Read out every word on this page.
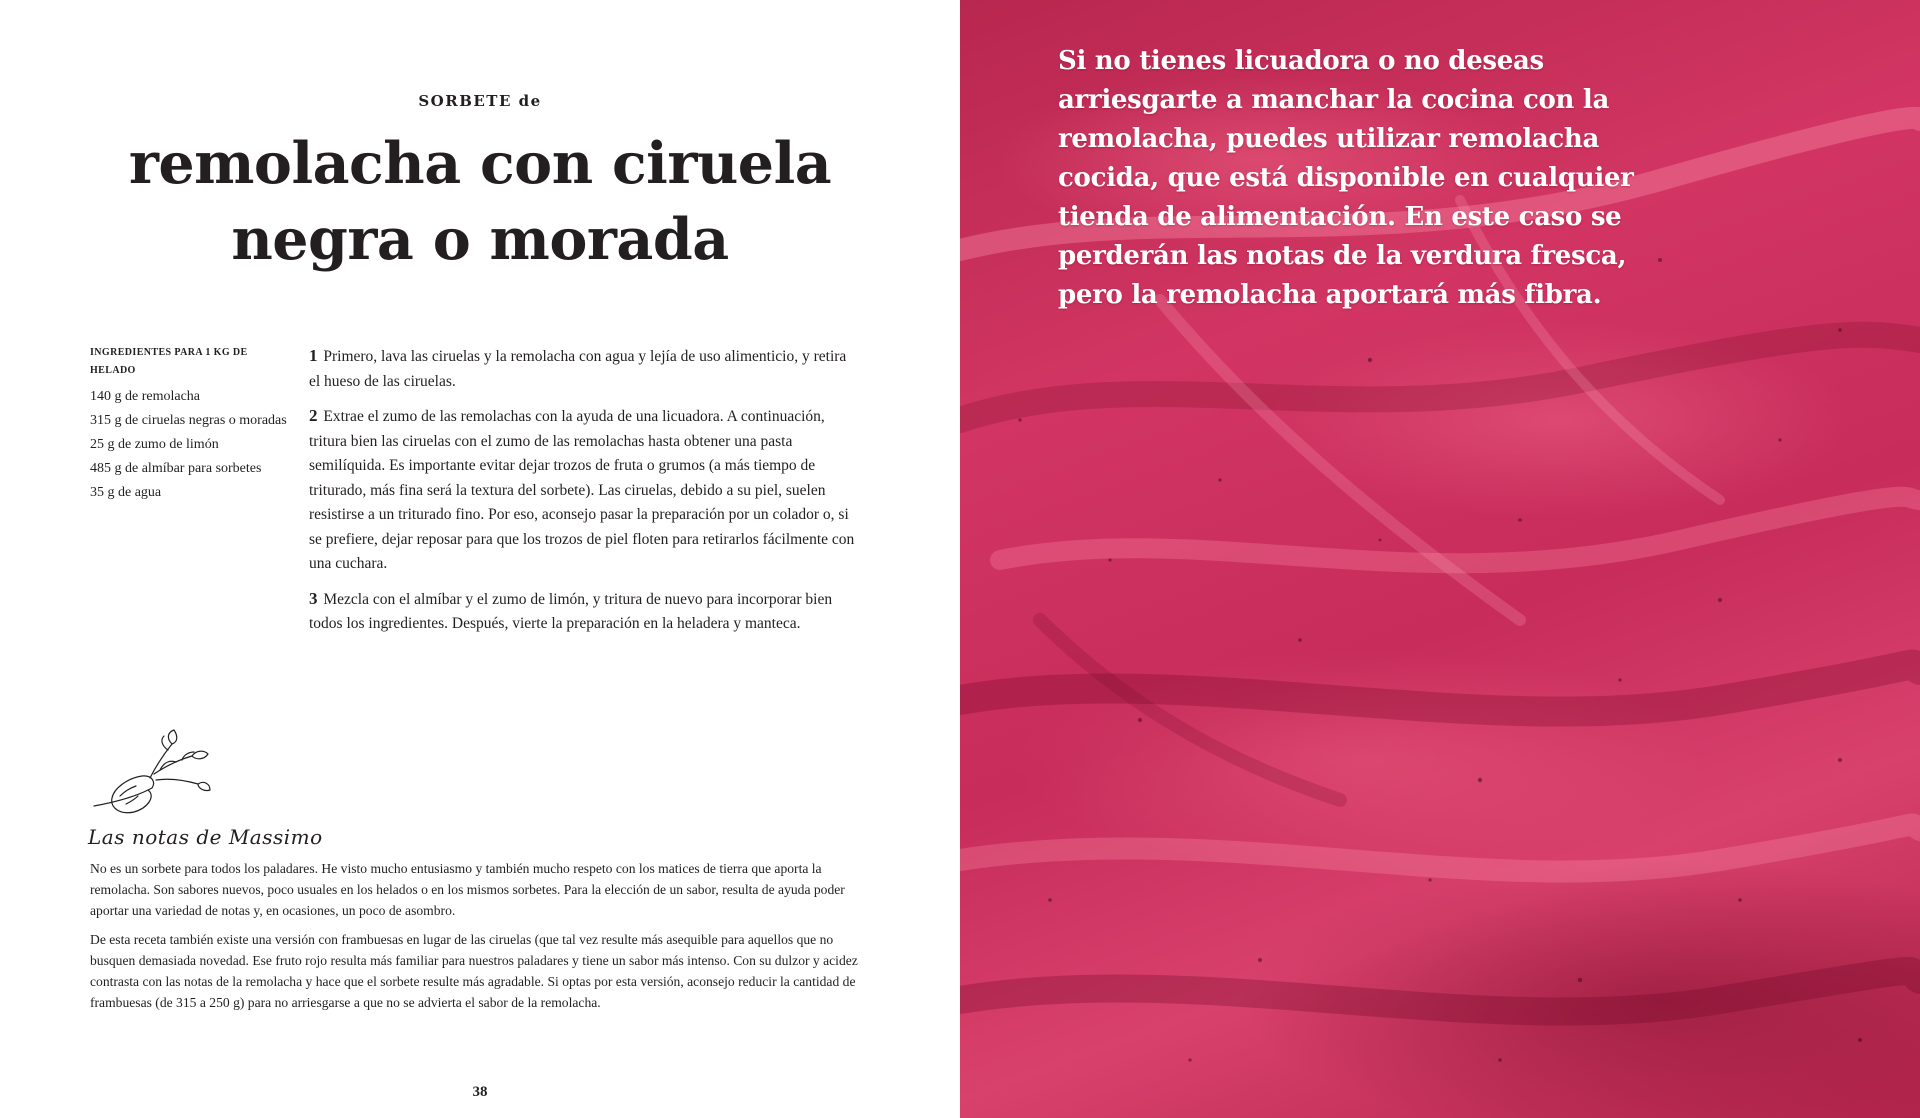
SORBETE de
remolacha con ciruela negra o morada
INGREDIENTES PARA 1 KG DE HELADO
140 g de remolacha
315 g de ciruelas negras o moradas
25 g de zumo de limón
485 g de almíbar para sorbetes
35 g de agua

1 Primero, lava las ciruelas y la remolacha con agua y lejía de uso alimenticio, y retira el hueso de las ciruelas.

2 Extrae el zumo de las remolachas con la ayuda de una licuadora. A continuación, tritura bien las ciruelas con el zumo de las remolachas hasta obtener una pasta semilíquida. Es importante evitar dejar trozos de fruta o grumos (a más tiempo de triturado, más fina será la textura del sorbete). Las ciruelas, debido a su piel, suelen resistirse a un triturado fino. Por eso, aconsejo pasar la preparación por un colador o, si se prefiere, dejar reposar para que los trozos de piel floten para retirarlos fácilmente con una cuchara.

3 Mezcla con el almíbar y el zumo de limón, y tritura de nuevo para incorporar bien todos los ingredientes. Después, vierte la preparación en la heladera y manteca.

Las notas de Massimo

No es un sorbete para todos los paladares. He visto mucho entusiasmo y también mucho respeto con los matices de tierra que aporta la remolacha. Son sabores nuevos, poco usuales en los helados o en los mismos sorbetes. Para la elección de un sabor, resulta de ayuda poder aportar una variedad de notas y, en ocasiones, un poco de asombro.

De esta receta también existe una versión con frambuesas en lugar de las ciruelas (que tal vez resulte más asequible para aquellos que no busquen demasiada novedad. Ese fruto rojo resulta más familiar para nuestros paladares y tiene un sabor más intenso. Con su dulzor y acidez contrasta con las notas de la remolacha y hace que el sorbete resulte más agradable. Si optas por esta versión, aconsejo reducir la cantidad de frambuesas (de 315 a 250 g) para no arriesgarse a que no se advierta el sabor de la remolacha.

38

Si no tienes licuadora o no deseas arriesgarte a manchar la cocina con la remolacha, puedes utilizar remolacha cocida, que está disponible en cualquier tienda de alimentación. En este caso se perderán las notas de la verdura fresca, pero la remolacha aportará más fibra.
